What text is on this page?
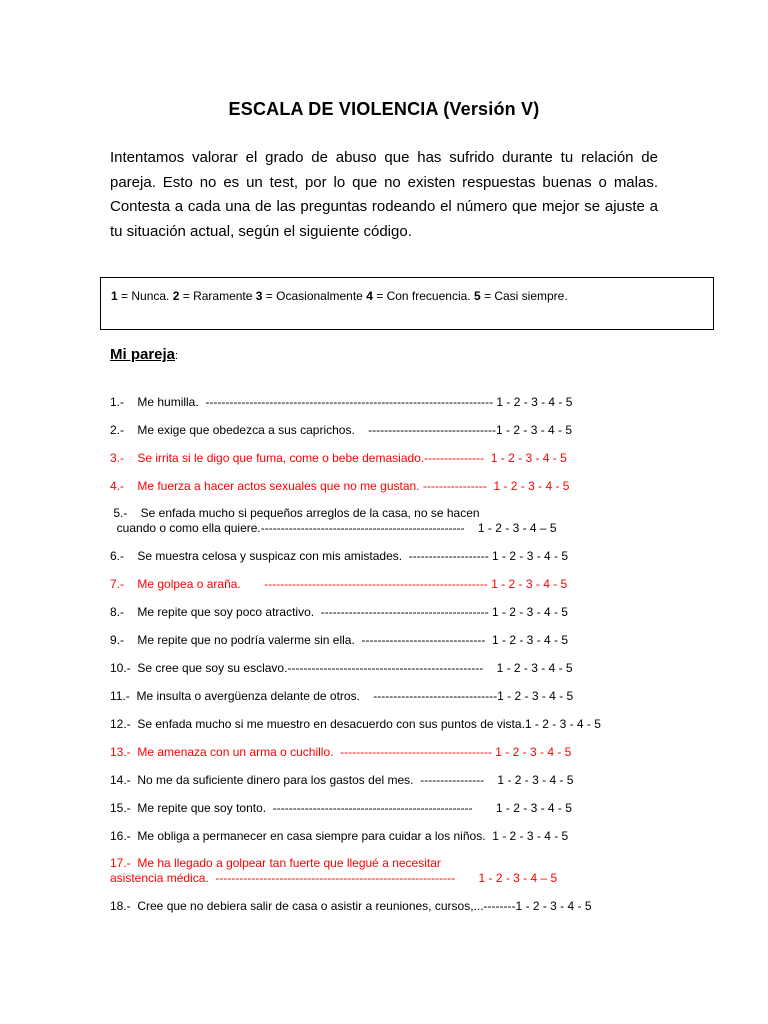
ESCALA DE VIOLENCIA (Versión V)
Intentamos valorar el grado de abuso que has sufrido durante tu relación de pareja. Esto no es un test, por lo que no existen respuestas buenas o malas. Contesta a cada una de las preguntas rodeando el número que mejor se ajuste a tu situación actual, según el siguiente código.
1 = Nunca. 2 = Raramente 3 = Ocasionalmente 4 = Con frecuencia. 5 = Casi siempre.
Mi pareja:
1.-    Me humilla.  ------------------------------------------------------------------------ 1 - 2 - 3 - 4 - 5
2.-    Me exige que obedezca a sus caprichos.    --------------------------------1 - 2 - 3 - 4 - 5
3.-    Se irrita si le digo que fuma, come o bebe demasiado.---------------  1 - 2 - 3 - 4 - 5
4.-    Me fuerza a hacer actos sexuales que no me gustan. ----------------  1 - 2 - 3 - 4 - 5
5.-    Se enfada mucho si pequeños arreglos de la casa, no se hacen
cuando o como ella quiere.---------------------------------------------------    1 - 2 - 3 - 4 – 5
6.-    Se muestra celosa y suspicaz con mis amistades.  -------------------- 1 - 2 - 3 - 4 - 5
7.-    Me golpea o araña.       -------------------------------------------------------- 1 - 2 - 3 - 4 - 5
8.-    Me repite que soy poco atractivo.  ------------------------------------------ 1 - 2 - 3 - 4 - 5
9.-    Me repite que no podría valerme sin ella.  -------------------------------  1 - 2 - 3 - 4 - 5
10.-  Se cree que soy su esclavo.-------------------------------------------------    1 - 2 - 3 - 4 - 5
11.-  Me insulta o avergüenza delante de otros.    -------------------------------1 - 2 - 3 - 4 - 5
12.-  Se enfada mucho si me muestro en desacuerdo con sus puntos de vista.1 - 2 - 3 - 4 - 5
13.-  Me amenaza con un arma o cuchillo.  -------------------------------------- 1 - 2 - 3 - 4 - 5
14.-  No me da suficiente dinero para los gastos del mes.  ----------------    1 - 2 - 3 - 4 - 5
15.-  Me repite que soy tonto.  --------------------------------------------------       1 - 2 - 3 - 4 - 5
16.-  Me obliga a permanecer en casa siempre para cuidar a los niños.  1 - 2 - 3 - 4 - 5
17.-  Me ha llegado a golpear tan fuerte que llegué a necesitar
asistencia médica.  ------------------------------------------------------------       1 - 2 - 3 - 4 – 5
18.-  Cree que no debiera salir de casa o asistir a reuniones, cursos,...--------1 - 2 - 3 - 4 - 5
